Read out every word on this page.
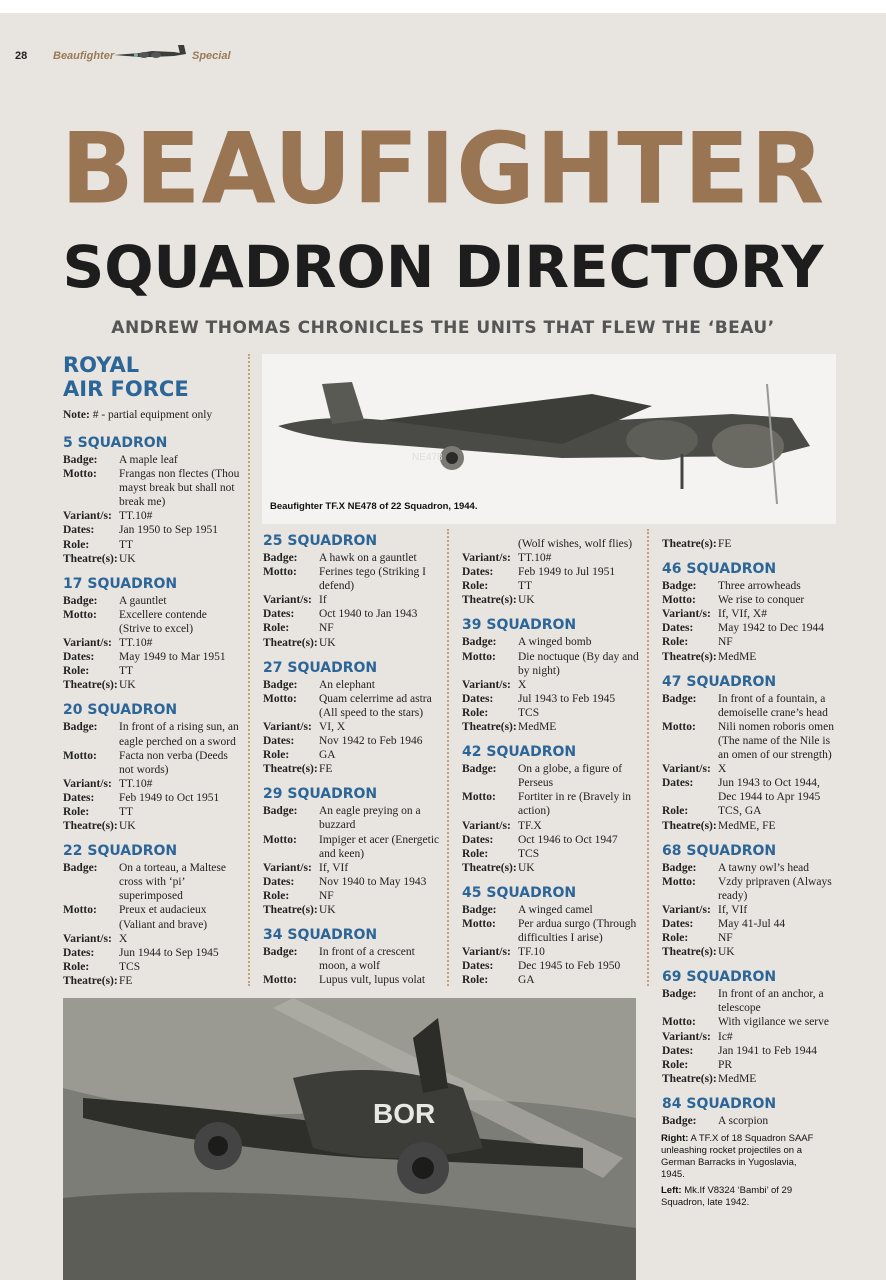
28 Beaufighter	Special
BEAUFIGHTER
SQUADRON DIRECTORY
ANDREW THOMAS CHRONICLES THE UNITS THAT FLEW THE ‘BEAU’
ROYAL
AIR FORCE
Note: # - partial equipment only
NE478
Beaufighter TF.X NE478 of 22 Squadron, 1944.
5 SQUADRON
Badge:	A maple leaf
Motto:	Frangas non flectes (Thou mayst break but shall not break me)
Variant/s: TT.10#
Dates:	Jan 1950 to Sep 1951
Role:	TT
Theatre(s): UK
17 SQUADRON
Badge:	A gauntlet
Motto:	Excellere contende (Strive to excel)
Variant/s: TT.10#
Dates:	May 1949 to Mar 1951
Role:	TT
Theatre(s): UK
20 SQUADRON
Badge:	In front of a rising sun, an eagle perched on a sword
Motto:	Facta non verba (Deeds not words)
Variant/s: TT.10#
Dates:	Feb 1949 to Oct 1951
Role:	TT
Theatre(s): UK
22 SQUADRON
Badge:	On a torteau, a Maltese cross with ‘pi’ superimposed
Motto:	Preux et audacieux (Valiant and brave)
Variant/s: X
Dates:	Jun 1944 to Sep 1945
Role:	TCS
Theatre(s): FE
25 SQUADRON
Badge:	A hawk on a gauntlet
Motto:	Ferines tego (Striking I defend)
Variant/s: If
Dates:	Oct 1940 to Jan 1943
Role:	NF
Theatre(s): UK
27 SQUADRON
Badge:	An elephant
Motto:	Quam celerrime ad astra (All speed to the stars)
Variant/s: VI, X
Dates:	Nov 1942 to Feb 1946
Role:	GA
Theatre(s): FE
29 SQUADRON
Badge:	An eagle preying on a buzzard
Motto:	Impiger et acer (Energetic and keen)
Variant/s: If, VIf
Dates:	Nov 1940 to May 1943
Role:	NF
Theatre(s): UK
34 SQUADRON
Badge:	In front of a crescent moon, a wolf
Motto:	Lupus vult, lupus volat
(Wolf wishes, wolf flies)
Variant/s: TT.10#
Dates:	Feb 1949 to Jul 1951
Role:	TT
Theatre(s): UK
39 SQUADRON
Badge:	A winged bomb
Motto:	Die noctuque (By day and by night)
Variant/s: X
Dates:	Jul 1943 to Feb 1945
Role:	TCS
Theatre(s): MedME
42 SQUADRON
Badge:	On a globe, a figure of Perseus
Motto:	Fortiter in re (Bravely in action)
Variant/s: TF.X
Dates:	Oct 1946 to Oct 1947
Role:	TCS
Theatre(s): UK
45 SQUADRON
Badge:	A winged camel
Motto:	Per ardua surgo (Through difficulties I arise)
Variant/s: TF.10
Dates:	Dec 1945 to Feb 1950
Role:	GA
Theatre(s): FE
46 SQUADRON
Badge:	Three arrowheads
Motto:	We rise to conquer
Variant/s: If, VIf, X#
Dates:	May 1942 to Dec 1944
Role:	NF
Theatre(s): MedME
47 SQUADRON
Badge:	In front of a fountain, a demoiselle crane’s head
Motto:	Nili nomen roboris omen (The name of the Nile is an omen of our strength)
Variant/s: X
Dates:	Jun 1943 to Oct 1944, Dec 1944 to Apr 1945
Role:	TCS, GA
Theatre(s): MedME, FE
68 SQUADRON
Badge:	A tawny owl’s head
Motto:	Vzdy pripraven (Always ready)
Variant/s: If, VIf
Dates:	May 41-Jul 44
Role:	NF
Theatre(s): UK
69 SQUADRON
Badge:	In front of an anchor, a telescope
Motto:	With vigilance we serve
Variant/s: Ic#
Dates:	Jan 1941 to Feb 1944
Role:	PR
Theatre(s): MedME
84 SQUADRON
Badge:	A scorpion
BOR
Right: A TF.X of 18 Squadron SAAF unleashing rocket projectiles on a German Barracks in Yugoslavia, 1945.
Left: Mk.If V8324 ‘Bambi’ of 29 Squadron, late 1942.
